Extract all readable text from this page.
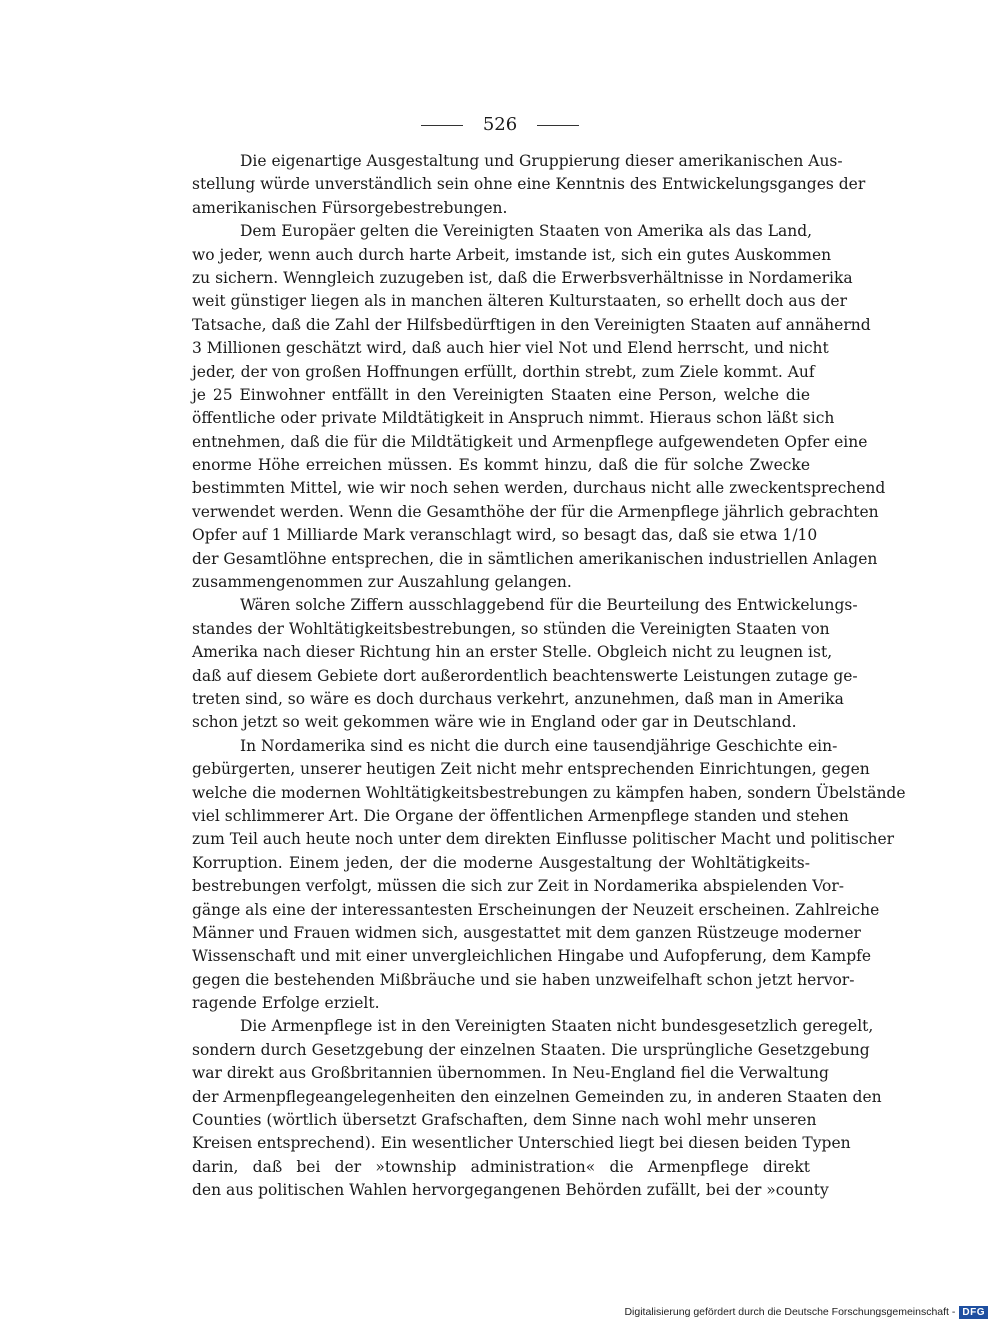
526
Die eigenartige Ausgestaltung und Gruppierung dieser amerikanischen Aus-
stellung würde unverständlich sein ohne eine Kenntnis des Entwickelungsganges der
amerikanischen Fürsorgebestrebungen.
Dem Europäer gelten die Vereinigten Staaten von Amerika als das Land,
wo jeder, wenn auch durch harte Arbeit, imstande ist, sich ein gutes Auskommen
zu sichern. Wenngleich zuzugeben ist, daß die Erwerbsverhältnisse in Nordamerika
weit günstiger liegen als in manchen älteren Kulturstaaten, so erhellt doch aus der
Tatsache, daß die Zahl der Hilfsbedürftigen in den Vereinigten Staaten auf annähernd
3 Millionen geschätzt wird, daß auch hier viel Not und Elend herrscht, und nicht
jeder, der von großen Hoffnungen erfüllt, dorthin strebt, zum Ziele kommt. Auf
je 25 Einwohner entfällt in den Vereinigten Staaten eine Person, welche die
öffentliche oder private Mildtätigkeit in Anspruch nimmt. Hieraus schon läßt sich
entnehmen, daß die für die Mildtätigkeit und Armenpflege aufgewendeten Opfer eine
enorme Höhe erreichen müssen. Es kommt hinzu, daß die für solche Zwecke
bestimmten Mittel, wie wir noch sehen werden, durchaus nicht alle zweckentsprechend
verwendet werden. Wenn die Gesamthöhe der für die Armenpflege jährlich gebrachten
Opfer auf 1 Milliarde Mark veranschlagt wird, so besagt das, daß sie etwa 1/10
der Gesamtlöhne entsprechen, die in sämtlichen amerikanischen industriellen Anlagen
zusammengenommen zur Auszahlung gelangen.
Wären solche Ziffern ausschlaggebend für die Beurteilung des Entwickelungs-
standes der Wohltätigkeitsbestrebungen, so stünden die Vereinigten Staaten von
Amerika nach dieser Richtung hin an erster Stelle. Obgleich nicht zu leugnen ist,
daß auf diesem Gebiete dort außerordentlich beachtenswerte Leistungen zutage ge-
treten sind, so wäre es doch durchaus verkehrt, anzunehmen, daß man in Amerika
schon jetzt so weit gekommen wäre wie in England oder gar in Deutschland.
In Nordamerika sind es nicht die durch eine tausendjährige Geschichte ein-
gebürgerten, unserer heutigen Zeit nicht mehr entsprechenden Einrichtungen, gegen
welche die modernen Wohltätigkeitsbestrebungen zu kämpfen haben, sondern Übelstände
viel schlimmerer Art. Die Organe der öffentlichen Armenpflege standen und stehen
zum Teil auch heute noch unter dem direkten Einflusse politischer Macht und politischer
Korruption. Einem jeden, der die moderne Ausgestaltung der Wohltätigkeits-
bestrebungen verfolgt, müssen die sich zur Zeit in Nordamerika abspielenden Vor-
gänge als eine der interessantesten Erscheinungen der Neuzeit erscheinen. Zahlreiche
Männer und Frauen widmen sich, ausgestattet mit dem ganzen Rüstzeuge moderner
Wissenschaft und mit einer unvergleichlichen Hingabe und Aufopferung, dem Kampfe
gegen die bestehenden Mißbräuche und sie haben unzweifelhaft schon jetzt hervor-
ragende Erfolge erzielt.
Die Armenpflege ist in den Vereinigten Staaten nicht bundesgesetzlich geregelt,
sondern durch Gesetzgebung der einzelnen Staaten. Die ursprüngliche Gesetzgebung
war direkt aus Großbritannien übernommen. In Neu-England fiel die Verwaltung
der Armenpflegeangelegenheiten den einzelnen Gemeinden zu, in anderen Staaten den
Counties (wörtlich übersetzt Grafschaften, dem Sinne nach wohl mehr unseren
Kreisen entsprechend). Ein wesentlicher Unterschied liegt bei diesen beiden Typen
darin, daß bei der »township administration« die Armenpflege direkt
den aus politischen Wahlen hervorgegangenen Behörden zufällt, bei der »county
Digitalisierung gefördert durch die Deutsche Forschungsgemeinschaft - DFG
